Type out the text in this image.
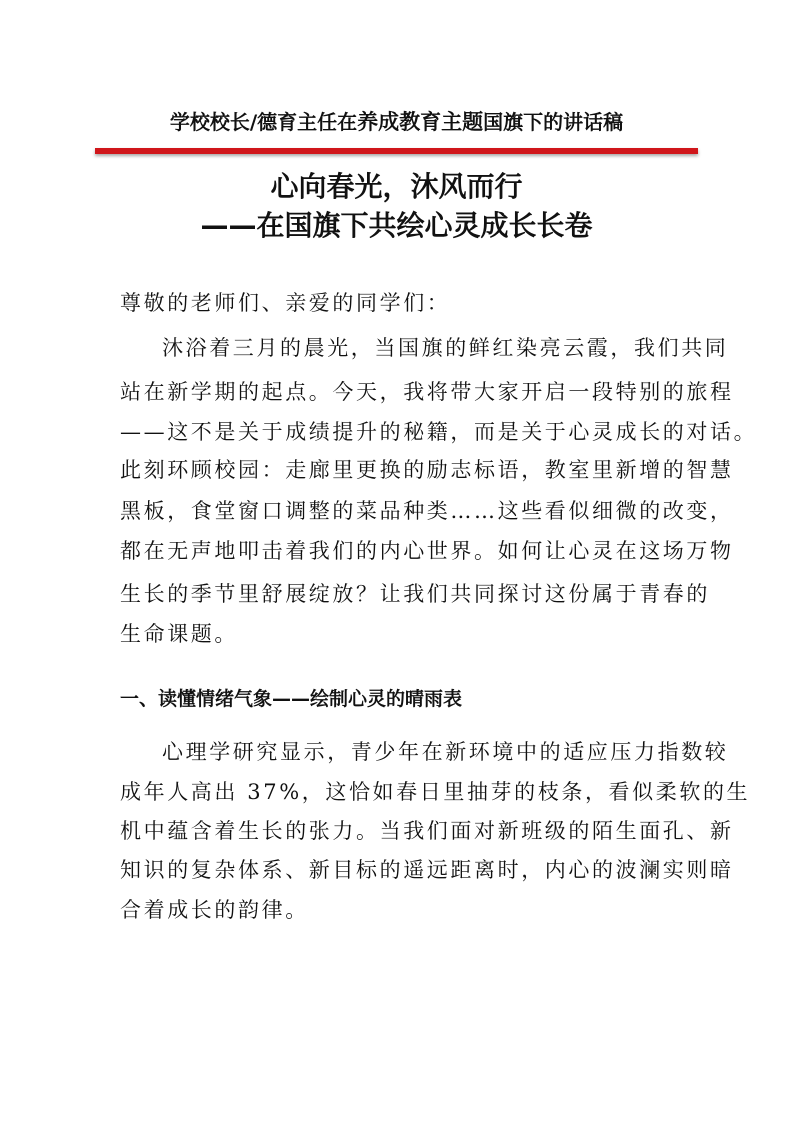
学校校长/德育主任在养成教育主题国旗下的讲话稿
心向春光，沐风而行
——在国旗下共绘心灵成长长卷
尊敬的老师们、亲爱的同学们：
沐浴着三月的晨光，当国旗的鲜红染亮云霞，我们共同
站在新学期的起点。今天，我将带大家开启一段特别的旅程
——这不是关于成绩提升的秘籍，而是关于心灵成长的对话。
此刻环顾校园：走廊里更换的励志标语，教室里新增的智慧
黑板，食堂窗口调整的菜品种类……这些看似细微的改变，
都在无声地叩击着我们的内心世界。如何让心灵在这场万物
生长的季节里舒展绽放？让我们共同探讨这份属于青春的
生命课题。
一、读懂情绪气象——绘制心灵的晴雨表
心理学研究显示，青少年在新环境中的适应压力指数较
成年人高出 37%，这恰如春日里抽芽的枝条，看似柔软的生
机中蕴含着生长的张力。当我们面对新班级的陌生面孔、新
知识的复杂体系、新目标的遥远距离时，内心的波澜实则暗
合着成长的韵律。
